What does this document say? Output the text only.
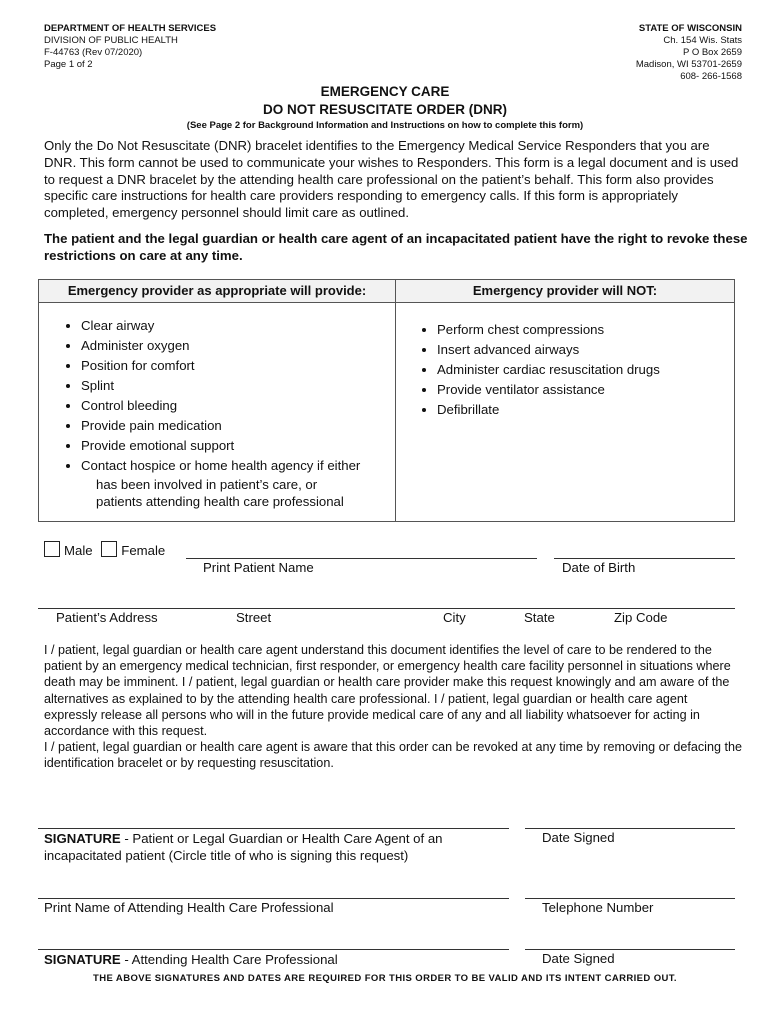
DEPARTMENT OF HEALTH SERVICES
DIVISION OF PUBLIC HEALTH
F-44763 (Rev 07/2020)
Page 1 of 2
STATE OF WISCONSIN
Ch. 154 Wis. Stats
P O Box 2659
Madison, WI 53701-2659
608- 266-1568
EMERGENCY CARE
DO NOT RESUSCITATE ORDER (DNR)
(See Page 2 for Background Information and Instructions on how to complete this form)
Only the Do Not Resuscitate (DNR) bracelet identifies to the Emergency Medical Service Responders that you are DNR. This form cannot be used to communicate your wishes to Responders. This form is a legal document and is used to request a DNR bracelet by the attending health care professional on the patient’s behalf. This form also provides specific care instructions for health care providers responding to emergency calls. If this form is appropriately completed, emergency personnel should limit care as outlined.
The patient and the legal guardian or health care agent of an incapacitated patient have the right to revoke these restrictions on care at any time.
Emergency provider as appropriate will provide:	Emergency provider will NOT:
• Clear airway
• Administer oxygen
• Position for comfort
• Splint
• Control bleeding
• Provide pain medication
• Provide emotional support
• Contact hospice or home health agency if either
has been involved in patient’s care, or
patients attending health care professional
• Perform chest compressions
• Insert advanced airways
• Administer cardiac resuscitation drugs
• Provide ventilator assistance
• Defibrillate
Male Female
Print Patient Name	Date of Birth
Patient’s Address	Street	City	State	Zip Code
I / patient, legal guardian or health care agent understand this document identifies the level of care to be rendered to the patient by an emergency medical technician, first responder, or emergency health care facility personnel in situations where death may be imminent. I / patient, legal guardian or health care provider make this request knowingly and am aware of the alternatives as explained to by the attending health care professional. I / patient, legal guardian or health care agent expressly release all persons who will in the future provide medical care of any and all liability whatsoever for acting in accordance with this request.
I / patient, legal guardian or health care agent is aware that this order can be revoked at any time by removing or defacing the identification bracelet or by requesting resuscitation.
SIGNATURE - Patient or Legal Guardian or Health Care Agent of an
incapacitated patient (Circle title of who is signing this request)
Date Signed
Print Name of Attending Health Care Professional	Telephone Number
SIGNATURE - Attending Health Care Professional	Date Signed
THE ABOVE SIGNATURES AND DATES ARE REQUIRED FOR THIS ORDER TO BE VALID AND ITS INTENT CARRIED OUT.
